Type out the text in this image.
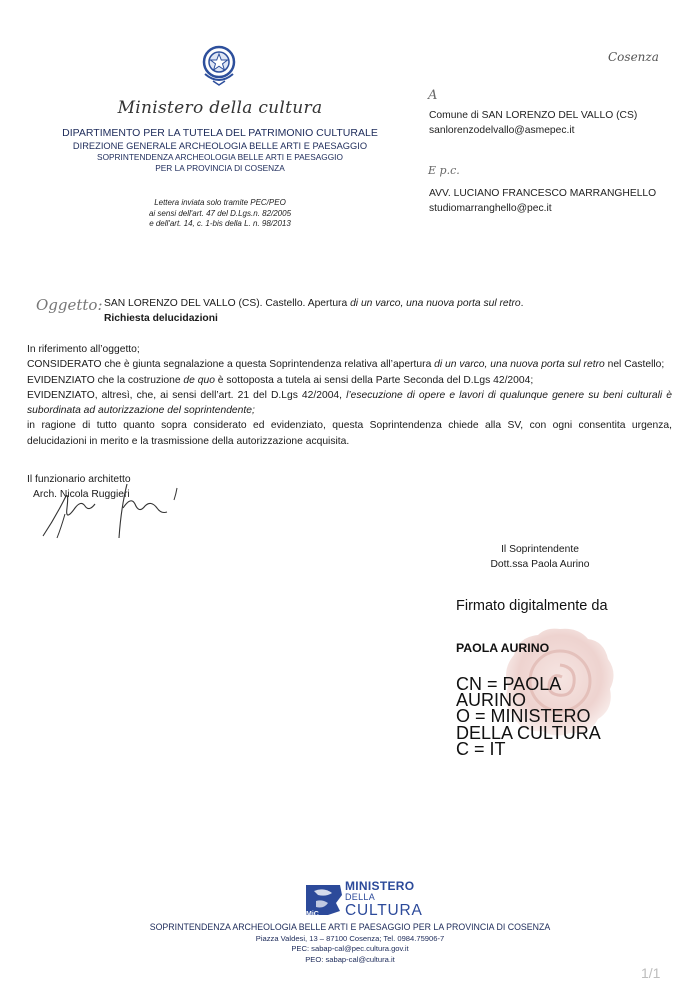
Ministero della cultura
DIPARTIMENTO PER LA TUTELA DEL PATRIMONIO CULTURALE
DIREZIONE GENERALE ARCHEOLOGIA BELLE ARTI E PAESAGGIO
SOPRINTENDENZA ARCHEOLOGIA BELLE ARTI E PAESAGGIO
PER LA PROVINCIA DI COSENZA
Lettera inviata solo tramite PEC/PEO
ai sensi dell'art. 47 del D.Lgs.n. 82/2005
e dell'art. 14, c. 1-bis della L. n. 98/2013
Cosenza
A
Comune di SAN LORENZO DEL VALLO (CS)
sanlorenzodelvallo@asmepec.it
E p.c.
AVV. LUCIANO FRANCESCO MARRANGHELLO
studiomarranghello@pec.it
Oggetto: SAN LORENZO DEL VALLO (CS). Castello. Apertura di un varco, una nuova porta sul retro.
Richiesta delucidazioni

In riferimento all’oggetto;

CONSIDERATO che è giunta segnalazione a questa Soprintendenza relativa all’apertura di un varco, una nuova porta sul retro nel Castello;

EVIDENZIATO che la costruzione de quo è sottoposta a tutela ai sensi della Parte Seconda del D.Lgs 42/2004;

EVIDENZIATO, altresì, che, ai sensi dell’art. 21 del D.Lgs 42/2004, l’esecuzione di opere e lavori di qualunque genere su beni culturali è subordinata ad autorizzazione del soprintendente;

in ragione di tutto quanto sopra considerato ed evidenziato, questa Soprintendenza chiede alla SV, con ogni consentita urgenza, delucidazioni in merito e la trasmissione della autorizzazione acquisita.

Il funzionario architetto
Arch. Nicola Ruggieri
Il Soprintendente
Dott.ssa Paola Aurino
Firmato digitalmente da
PAOLA AURINO
CN = PAOLA
AURINO
O = MINISTERO
DELLA CULTURA
C = IT
MiC
MINISTERO
DELLA
CULTURA
SOPRINTENDENZA ARCHEOLOGIA BELLE ARTI E PAESAGGIO PER LA PROVINCIA DI COSENZA
Piazza Valdesi, 13 – 87100 Cosenza; Tel. 0984.75906-7
PEC: sabap-cal@pec.cultura.gov.it
PEO: sabap-cal@cultura.it
1/1
